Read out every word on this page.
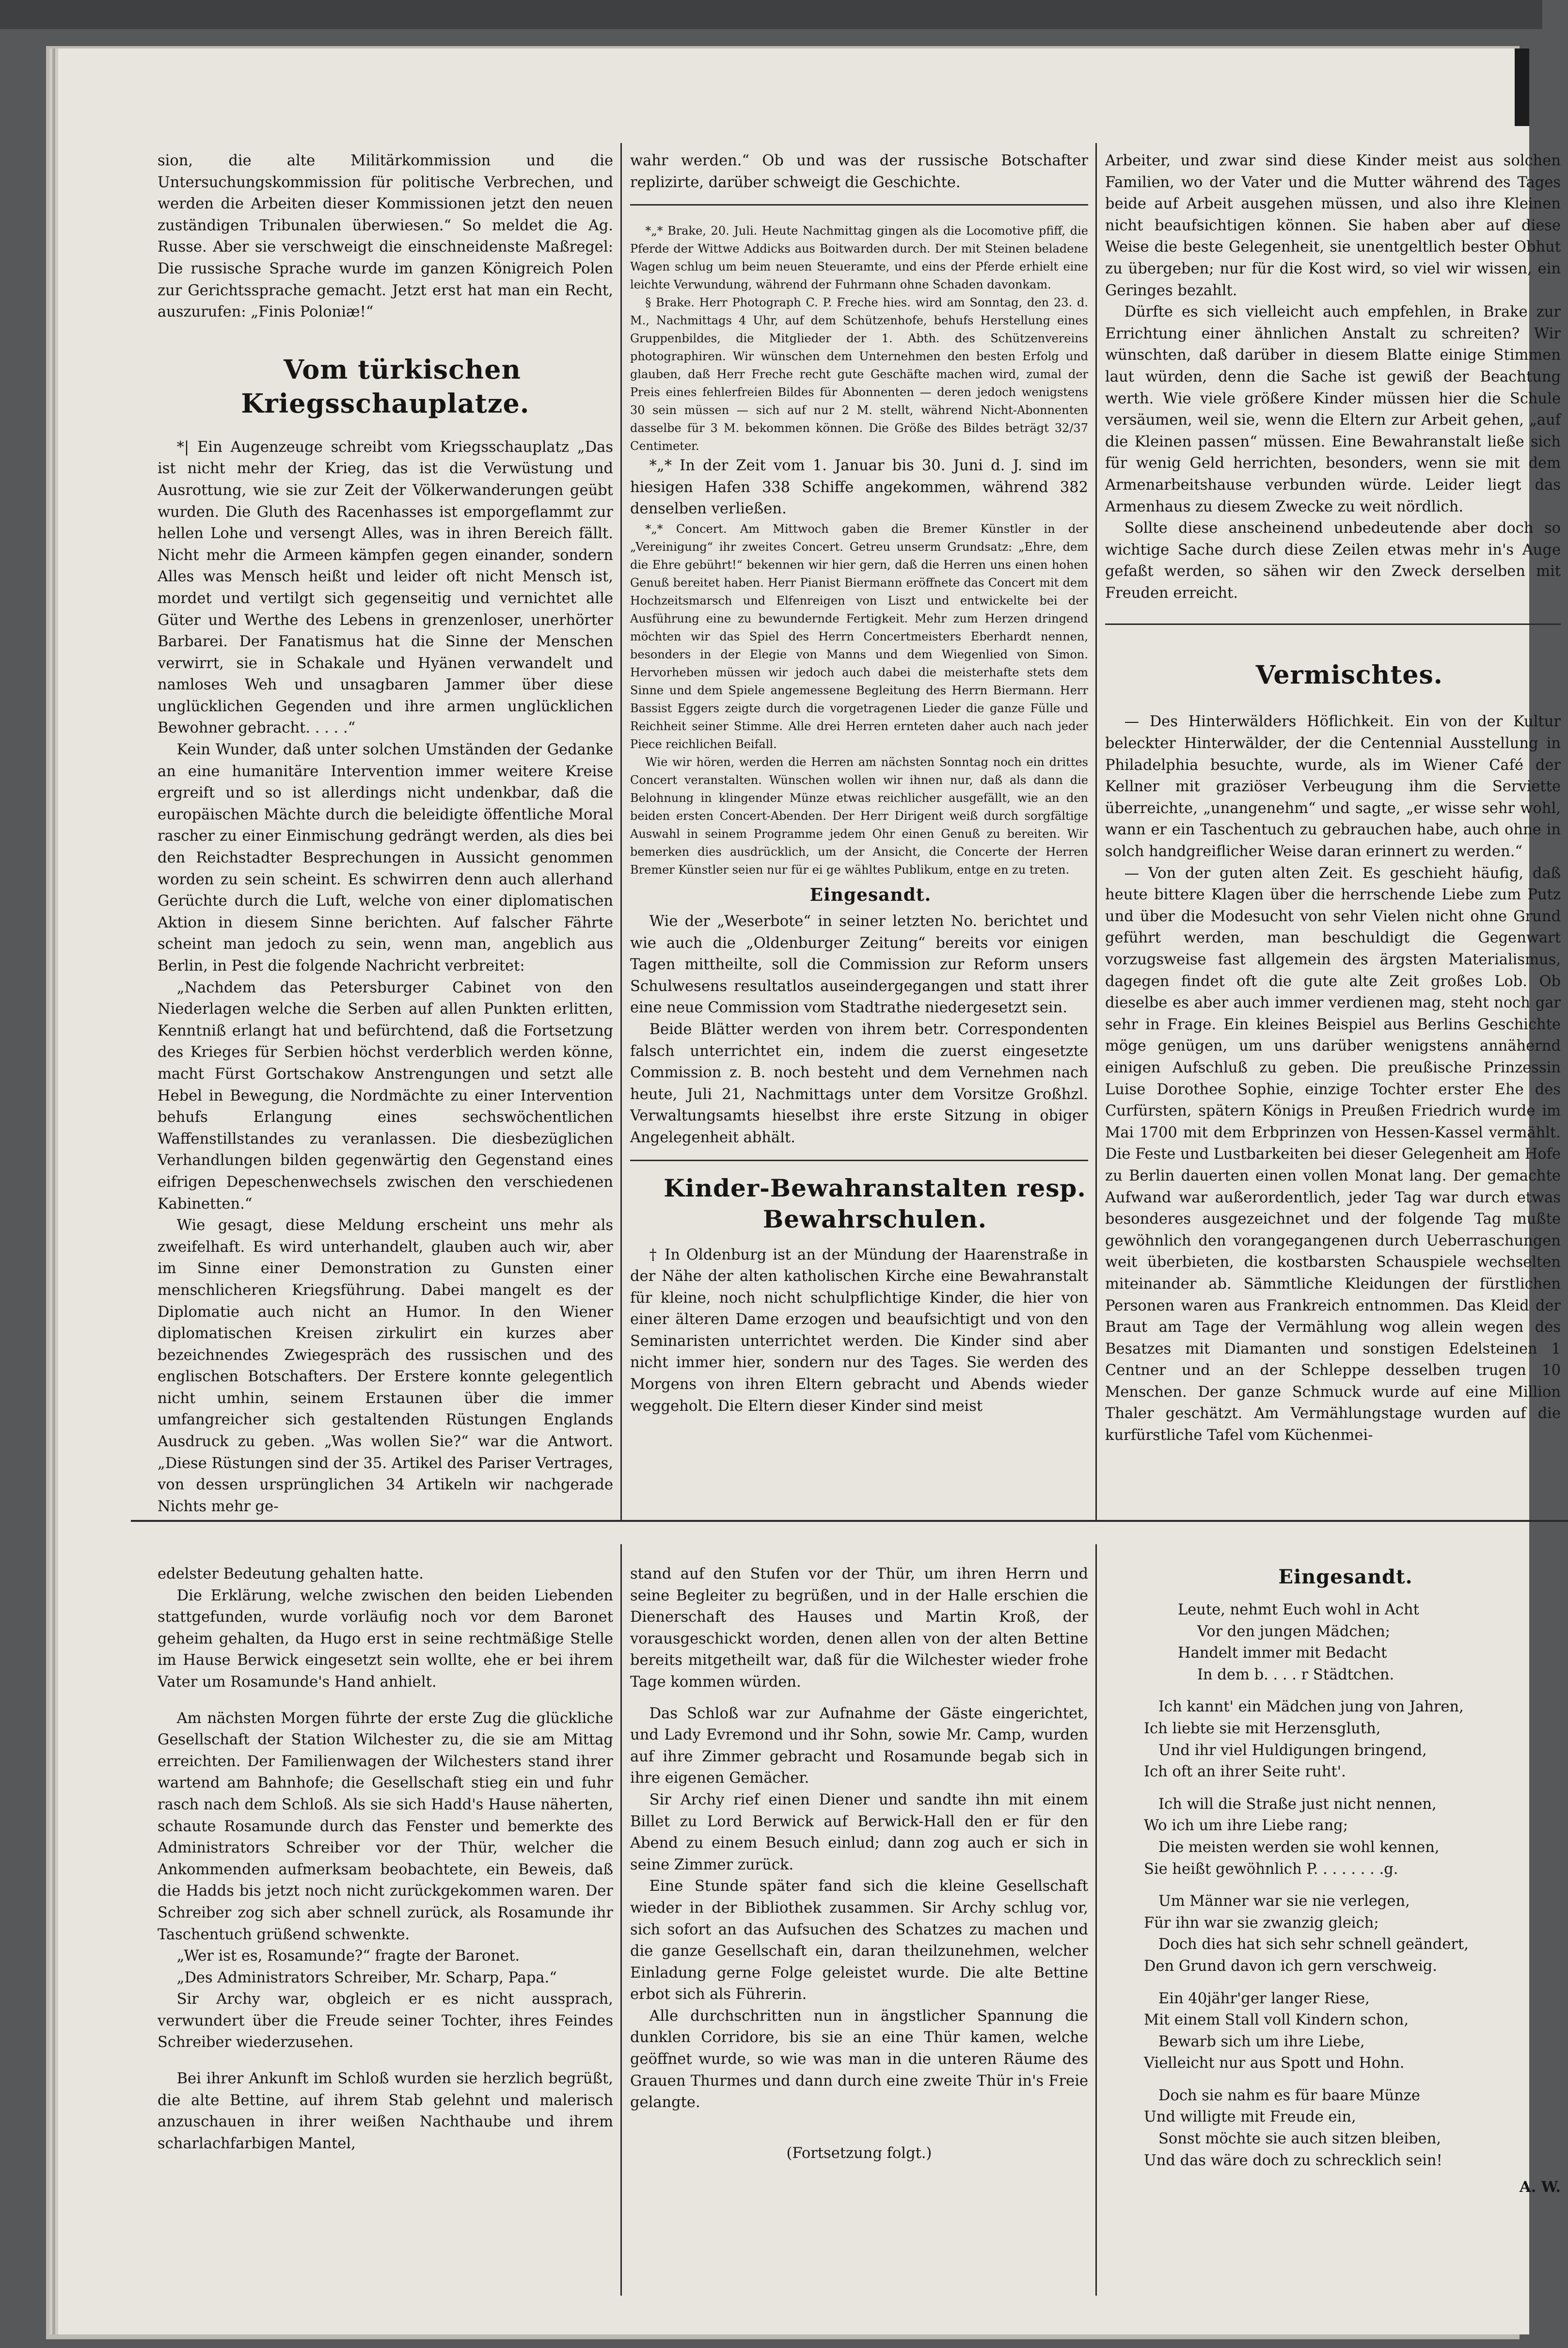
sion, die alte Militärkommission und die Untersuchungskommission für politische Verbrechen, und werden die Arbeiten dieser Kommissionen jetzt den neuen zuständigen Tribunalen überwiesen.“ So meldet die Ag. Russe. Aber sie verschweigt die einschneidenste Maßregel: Die russische Sprache wurde im ganzen Königreich Polen zur Gerichtssprache gemacht. Jetzt erst hat man ein Recht, auszurufen: „Finis Poloniæ!“

Vom türkischen Kriegsschauplatze.

*| Ein Augenzeuge schreibt vom Kriegsschauplatz „Das ist nicht mehr der Krieg, das ist die Verwüstung und Ausrottung, wie sie zur Zeit der Völkerwanderungen geübt wurden. Die Gluth des Racenhasses ist emporgeflammt zur hellen Lohe und versengt Alles, was in ihren Bereich fällt. Nicht mehr die Armeen kämpfen gegen einander, sondern Alles was Mensch heißt und leider oft nicht Mensch ist, mordet und vertilgt sich gegenseitig und vernichtet alle Güter und Werthe des Lebens in grenzenloser, unerhörter Barbarei. Der Fanatismus hat die Sinne der Menschen verwirrt, sie in Schakale und Hyänen verwandelt und namloses Weh und unsagbaren Jammer über diese unglücklichen Gegenden und ihre armen unglücklichen Bewohner gebracht. . . . .“

Kein Wunder, daß unter solchen Umständen der Gedanke an eine humanitäre Intervention immer weitere Kreise ergreift und so ist allerdings nicht undenkbar, daß die europäischen Mächte durch die beleidigte öffentliche Moral rascher zu einer Einmischung gedrängt werden, als dies bei den Reichstadter Besprechungen in Aussicht genommen worden zu sein scheint. Es schwirren denn auch allerhand Gerüchte durch die Luft, welche von einer diplomatischen Aktion in diesem Sinne berichten. Auf falscher Fährte scheint man jedoch zu sein, wenn man, angeblich aus Berlin, in Pest die folgende Nachricht verbreitet:

„Nachdem das Petersburger Cabinet von den Niederlagen welche die Serben auf allen Punkten erlitten, Kenntniß erlangt hat und befürchtend, daß die Fortsetzung des Krieges für Serbien höchst verderblich werden könne, macht Fürst Gortschakow Anstrengungen und setzt alle Hebel in Bewegung, die Nordmächte zu einer Intervention behufs Erlangung eines sechswöchentlichen Waffenstillstandes zu veranlassen. Die diesbezüglichen Verhandlungen bilden gegenwärtig den Gegenstand eines eifrigen Depeschenwechsels zwischen den verschiedenen Kabinetten.“

Wie gesagt, diese Meldung erscheint uns mehr als zweifelhaft. Es wird unterhandelt, glauben auch wir, aber im Sinne einer Demonstration zu Gunsten einer menschlicheren Kriegsführung. Dabei mangelt es der Diplomatie auch nicht an Humor. In den Wiener diplomatischen Kreisen zirkulirt ein kurzes aber bezeichnendes Zwiegespräch des russischen und des englischen Botschafters. Der Erstere konnte gelegentlich nicht umhin, seinem Erstaunen über die immer umfangreicher sich gestaltenden Rüstungen Englands Ausdruck zu geben. „Was wollen Sie?“ war die Antwort. „Diese Rüstungen sind der 35. Artikel des Pariser Vertrages, von dessen ursprünglichen 34 Artikeln wir nachgerade Nichts mehr ge-

wahr werden.“ Ob und was der russische Botschafter replizirte, darüber schweigt die Geschichte.

*„* Brake, 20. Juli. Heute Nachmittag gingen als die Locomotive pfiff, die Pferde der Wittwe Addicks aus Boitwarden durch. Der mit Steinen beladene Wagen schlug um beim neuen Steueramte, und eins der Pferde erhielt eine leichte Verwundung, während der Fuhrmann ohne Schaden davonkam.

§ Brake. Herr Photograph C. P. Freche hies. wird am Sonntag, den 23. d. M., Nachmittags 4 Uhr, auf dem Schützenhofe, behufs Herstellung eines Gruppenbildes, die Mitglieder der 1. Abth. des Schützenvereins photographiren. Wir wünschen dem Unternehmen den besten Erfolg und glauben, daß Herr Freche recht gute Geschäfte machen wird, zumal der Preis eines fehlerfreien Bildes für Abonnenten — deren jedoch wenigstens 30 sein müssen — sich auf nur 2 M. stellt, während Nicht-Abonnenten dasselbe für 3 M. bekommen können. Die Größe des Bildes beträgt 32/37 Centimeter.

*„* In der Zeit vom 1. Januar bis 30. Juni d. J. sind im hiesigen Hafen 338 Schiffe angekommen, während 382 denselben verließen.

*„* Concert. Am Mittwoch gaben die Bremer Künstler in der „Vereinigung“ ihr zweites Concert. Getreu unserm Grundsatz: „Ehre, dem die Ehre gebührt!“ bekennen wir hier gern, daß die Herren uns einen hohen Genuß bereitet haben. Herr Pianist Biermann eröffnete das Concert mit dem Hochzeitsmarsch und Elfenreigen von Liszt und entwickelte bei der Ausführung eine zu bewundernde Fertigkeit. Mehr zum Herzen dringend möchten wir das Spiel des Herrn Concertmeisters Eberhardt nennen, besonders in der Elegie von Manns und dem Wiegenlied von Simon. Hervorheben müssen wir jedoch auch dabei die meisterhafte stets dem Sinne und dem Spiele angemessene Begleitung des Herrn Biermann. Herr Bassist Eggers zeigte durch die vorgetragenen Lieder die ganze Fülle und Reichheit seiner Stimme. Alle drei Herren ernteten daher auch nach jeder Piece reichlichen Beifall.

Wie wir hören, werden die Herren am nächsten Sonntag noch ein drittes Concert veranstalten. Wünschen wollen wir ihnen nur, daß als dann die Belohnung in klingender Münze etwas reichlicher ausgefällt, wie an den beiden ersten Concert-Abenden. Der Herr Dirigent weiß durch sorgfältige Auswahl in seinem Programme jedem Ohr einen Genuß zu bereiten. Wir bemerken dies ausdrücklich, um der Ansicht, die Concerte der Herren Bremer Künstler seien nur für ei ge wähltes Publikum, entge en zu treten.

Eingesandt.

Wie der „Weserbote“ in seiner letzten No. berichtet und wie auch die „Oldenburger Zeitung“ bereits vor einigen Tagen mittheilte, soll die Commission zur Reform unsers Schulwesens resultatlos auseindergegangen und statt ihrer eine neue Commission vom Stadtrathe niedergesetzt sein.

Beide Blätter werden von ihrem betr. Correspondenten falsch unterrichtet ein, indem die zuerst eingesetzte Commission z. B. noch besteht und dem Vernehmen nach heute, Juli 21, Nachmittags unter dem Vorsitze Großhzl. Verwaltungsamts hieselbst ihre erste Sitzung in obiger Angelegenheit abhält.

Kinder-Bewahranstalten resp.

Bewahrschulen.

† In Oldenburg ist an der Mündung der Haarenstraße in der Nähe der alten katholischen Kirche eine Bewahranstalt für kleine, noch nicht schulpflichtige Kinder, die hier von einer älteren Dame erzogen und beaufsichtigt und von den Seminaristen unterrichtet werden. Die Kinder sind aber nicht immer hier, sondern nur des Tages. Sie werden des Morgens von ihren Eltern gebracht und Abends wieder weggeholt. Die Eltern dieser Kinder sind meist

Arbeiter, und zwar sind diese Kinder meist aus solchen Familien, wo der Vater und die Mutter während des Tages beide auf Arbeit ausgehen müssen, und also ihre Kleinen nicht beaufsichtigen können. Sie haben aber auf diese Weise die beste Gelegenheit, sie unentgeltlich bester Obhut zu übergeben; nur für die Kost wird, so viel wir wissen, ein Geringes bezahlt.

Dürfte es sich vielleicht auch empfehlen, in Brake zur Errichtung einer ähnlichen Anstalt zu schreiten? Wir wünschten, daß darüber in diesem Blatte einige Stimmen laut würden, denn die Sache ist gewiß der Beachtung werth. Wie viele größere Kinder müssen hier die Schule versäumen, weil sie, wenn die Eltern zur Arbeit gehen, „auf die Kleinen passen“ müssen. Eine Bewahranstalt ließe sich für wenig Geld herrichten, besonders, wenn sie mit dem Armenarbeitshause verbunden würde. Leider liegt das Armenhaus zu diesem Zwecke zu weit nördlich.

Sollte diese anscheinend unbedeutende aber doch so wichtige Sache durch diese Zeilen etwas mehr in's Auge gefaßt werden, so sähen wir den Zweck derselben mit Freuden erreicht.

Vermischtes.

— Des Hinterwälders Höflichkeit. Ein von der Kultur beleckter Hinterwälder, der die Centennial Ausstellung in Philadelphia besuchte, wurde, als im Wiener Café der Kellner mit graziöser Verbeugung ihm die Serviette überreichte, „unangenehm“ und sagte, „er wisse sehr wohl, wann er ein Taschentuch zu gebrauchen habe, auch ohne in solch handgreiflicher Weise daran erinnert zu werden.“

— Von der guten alten Zeit. Es geschieht häufig, daß heute bittere Klagen über die herrschende Liebe zum Putz und über die Modesucht von sehr Vielen nicht ohne Grund geführt werden, man beschuldigt die Gegenwart vorzugsweise fast allgemein des ärgsten Materialismus, dagegen findet oft die gute alte Zeit großes Lob. Ob dieselbe es aber auch immer verdienen mag, steht noch gar sehr in Frage. Ein kleines Beispiel aus Berlins Geschichte möge genügen, um uns darüber wenigstens annähernd einigen Aufschluß zu geben. Die preußische Prinzessin Luise Dorothee Sophie, einzige Tochter erster Ehe des Curfürsten, spätern Königs in Preußen Friedrich wurde im Mai 1700 mit dem Erbprinzen von Hessen-Kassel vermählt. Die Feste und Lustbarkeiten bei dieser Gelegenheit am Hofe zu Berlin dauerten einen vollen Monat lang. Der gemachte Aufwand war außerordentlich, jeder Tag war durch etwas besonderes ausgezeichnet und der folgende Tag mußte gewöhnlich den vorangegangenen durch Ueberraschungen weit überbieten, die kostbarsten Schauspiele wechselten miteinander ab. Sämmtliche Kleidungen der fürstlichen Personen waren aus Frankreich entnommen. Das Kleid der Braut am Tage der Vermählung wog allein wegen des Besatzes mit Diamanten und sonstigen Edelsteinen 1 Centner und an der Schleppe desselben trugen 10 Menschen. Der ganze Schmuck wurde auf eine Million Thaler geschätzt. Am Vermählungstage wurden auf die kurfürstliche Tafel vom Küchenmei-

edelster Bedeutung gehalten hatte.

Die Erklärung, welche zwischen den beiden Liebenden stattgefunden, wurde vorläufig noch vor dem Baronet geheim gehalten, da Hugo erst in seine rechtmäßige Stelle im Hause Berwick eingesetzt sein wollte, ehe er bei ihrem Vater um Rosamunde's Hand anhielt.

Am nächsten Morgen führte der erste Zug die glückliche Gesellschaft der Station Wilchester zu, die sie am Mittag erreichten. Der Familienwagen der Wilchesters stand ihrer wartend am Bahnhofe; die Gesellschaft stieg ein und fuhr rasch nach dem Schloß. Als sie sich Hadd's Hause näherten, schaute Rosamunde durch das Fenster und bemerkte des Administrators Schreiber vor der Thür, welcher die Ankommenden aufmerksam beobachtete, ein Beweis, daß die Hadds bis jetzt noch nicht zurückgekommen waren. Der Schreiber zog sich aber schnell zurück, als Rosamunde ihr Taschentuch grüßend schwenkte.

„Wer ist es, Rosamunde?“ fragte der Baronet.

„Des Administrators Schreiber, Mr. Scharp, Papa.“

Sir Archy war, obgleich er es nicht aussprach, verwundert über die Freude seiner Tochter, ihres Feindes Schreiber wiederzusehen.

Bei ihrer Ankunft im Schloß wurden sie herzlich begrüßt, die alte Bettine, auf ihrem Stab gelehnt und malerisch anzuschauen in ihrer weißen Nachthaube und ihrem scharlachfarbigen Mantel,

stand auf den Stufen vor der Thür, um ihren Herrn und seine Begleiter zu begrüßen, und in der Halle erschien die Dienerschaft des Hauses und Martin Kroß, der vorausgeschickt worden, denen allen von der alten Bettine bereits mitgetheilt war, daß für die Wilchester wieder frohe Tage kommen würden.

Das Schloß war zur Aufnahme der Gäste eingerichtet, und Lady Evremond und ihr Sohn, sowie Mr. Camp, wurden auf ihre Zimmer gebracht und Rosamunde begab sich in ihre eigenen Gemächer.

Sir Archy rief einen Diener und sandte ihn mit einem Billet zu Lord Berwick auf Berwick-Hall den er für den Abend zu einem Besuch einlud; dann zog auch er sich in seine Zimmer zurück.

Eine Stunde später fand sich die kleine Gesellschaft wieder in der Bibliothek zusammen. Sir Archy schlug vor, sich sofort an das Aufsuchen des Schatzes zu machen und die ganze Gesellschaft ein, daran theilzunehmen, welcher Einladung gerne Folge geleistet wurde. Die alte Bettine erbot sich als Führerin.

Alle durchschritten nun in ängstlicher Spannung die dunklen Corridore, bis sie an eine Thür kamen, welche geöffnet wurde, so wie was man in die unteren Räume des Grauen Thurmes und dann durch eine zweite Thür in's Freie gelangte.

(Fortsetzung folgt.)

Eingesandt.

Leute, nehmt Euch wohl in Acht
Vor den jungen Mädchen;
Handelt immer mit Bedacht
In dem b. . . . r Städtchen.
Ich kannt' ein Mädchen jung von Jahren,
Ich liebte sie mit Herzensgluth,
Und ihr viel Huldigungen bringend,
Ich oft an ihrer Seite ruht'.
Ich will die Straße just nicht nennen,
Wo ich um ihre Liebe rang;
Die meisten werden sie wohl kennen,
Sie heißt gewöhnlich P. . . . . . . .g.
Um Männer war sie nie verlegen,
Für ihn war sie zwanzig gleich;
Doch dies hat sich sehr schnell geändert,
Den Grund davon ich gern verschweig.
Ein 40jähr'ger langer Riese,
Mit einem Stall voll Kindern schon,
Bewarb sich um ihre Liebe,
Vielleicht nur aus Spott und Hohn.
Doch sie nahm es für baare Münze
Und willigte mit Freude ein,
Sonst möchte sie auch sitzen bleiben,
Und das wäre doch zu schrecklich sein!

A. W.
